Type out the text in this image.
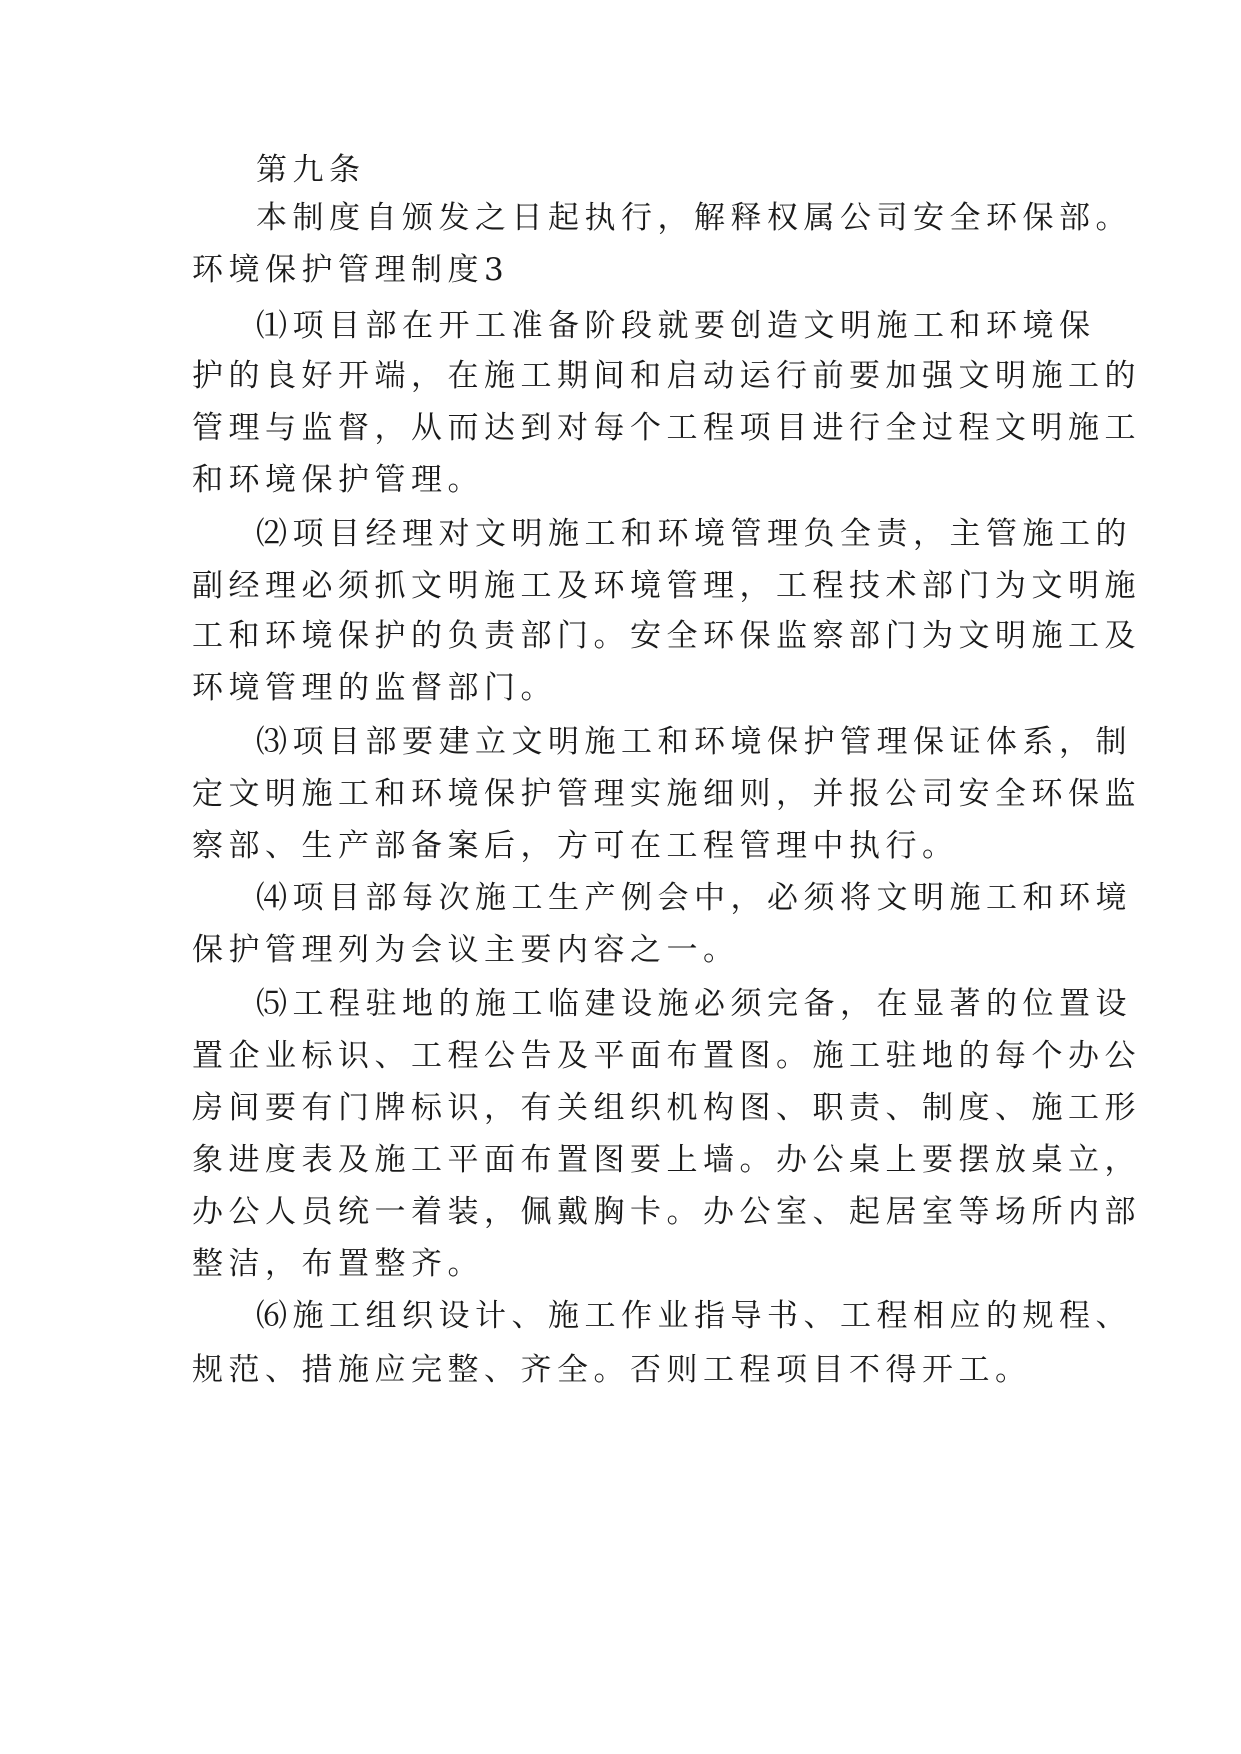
第九条
本制度自颁发之日起执行，解释权属公司安全环保部。
环境保护管理制度3
⑴项目部在开工准备阶段就要创造文明施工和环境保
护的良好开端，在施工期间和启动运行前要加强文明施工的
管理与监督，从而达到对每个工程项目进行全过程文明施工
和环境保护管理。
⑵项目经理对文明施工和环境管理负全责，主管施工的
副经理必须抓文明施工及环境管理，工程技术部门为文明施
工和环境保护的负责部门。安全环保监察部门为文明施工及
环境管理的监督部门。
⑶项目部要建立文明施工和环境保护管理保证体系，制
定文明施工和环境保护管理实施细则，并报公司安全环保监
察部、生产部备案后，方可在工程管理中执行。
⑷项目部每次施工生产例会中，必须将文明施工和环境
保护管理列为会议主要内容之一。
⑸工程驻地的施工临建设施必须完备，在显著的位置设
置企业标识、工程公告及平面布置图。施工驻地的每个办公
房间要有门牌标识，有关组织机构图、职责、制度、施工形
象进度表及施工平面布置图要上墙。办公桌上要摆放桌立，
办公人员统一着装，佩戴胸卡。办公室、起居室等场所内部
整洁，布置整齐。
⑹施工组织设计、施工作业指导书、工程相应的规程、
规范、措施应完整、齐全。否则工程项目不得开工。
